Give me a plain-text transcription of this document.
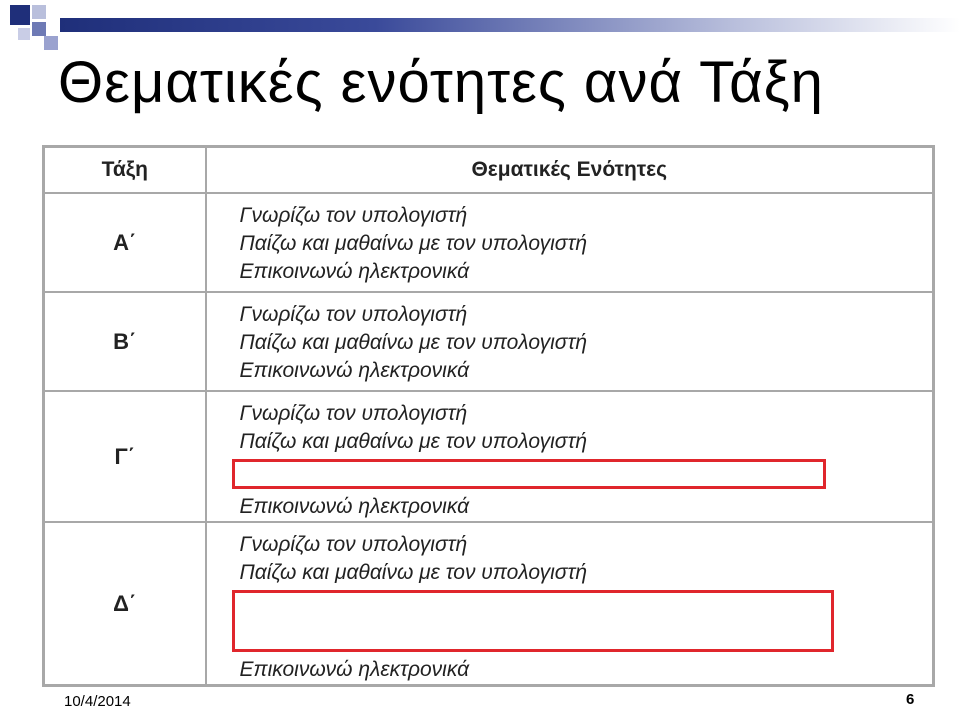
Θεματικές ενότητες ανά Τάξη
Τάξη	Θεματικές Ενότητες
Α΄	Γνωρίζω τον υπολογιστή
Παίζω και μαθαίνω με τον υπολογιστή
Επικοινωνώ ηλεκτρονικά

Β΄	Γνωρίζω τον υπολογιστή
Παίζω και μαθαίνω με τον υπολογιστή
Επικοινωνώ ηλεκτρονικά

Γ΄	Γνωρίζω τον υπολογιστή
Παίζω και μαθαίνω με τον υπολογιστή
Επικοινωνώ ηλεκτρονικά

Δ΄	Γνωρίζω τον υπολογιστή
Παίζω και μαθαίνω με τον υπολογιστή
Επικοινωνώ ηλεκτρονικά
10/4/2014	6
